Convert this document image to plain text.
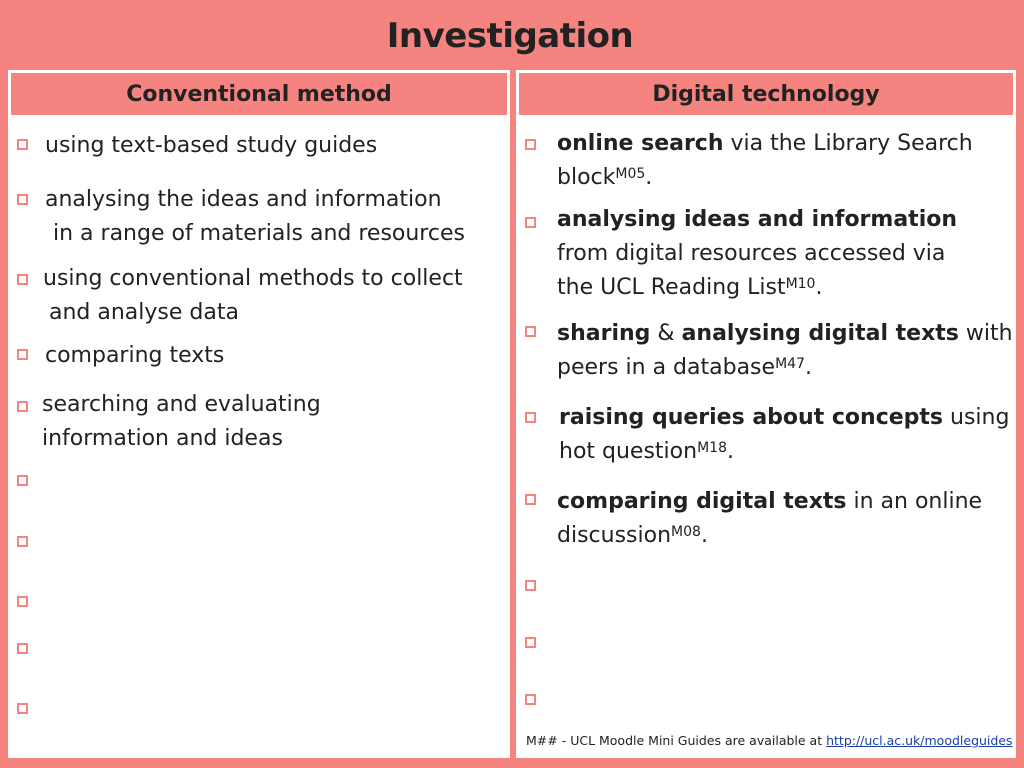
Investigation
Conventional method
using text-based study guides
analysing the ideas and information
in a range of materials and resources
using conventional methods to collect
and analyse data
comparing texts
searching and evaluating
information and ideas
Digital technology
online search via the Library Search
block$^{M05}$.
analysing ideas and information
from digital resources accessed via
the UCL Reading List$^{M10}$.
sharing & analysing digital texts with
peers in a database$^{M47}$.
raising queries about concepts using
hot question$^{M18}$.
comparing digital texts in an online
discussion$^{M08}$.
M## - UCL Moodle Mini Guides are available at http://ucl.ac.uk/moodleguides
